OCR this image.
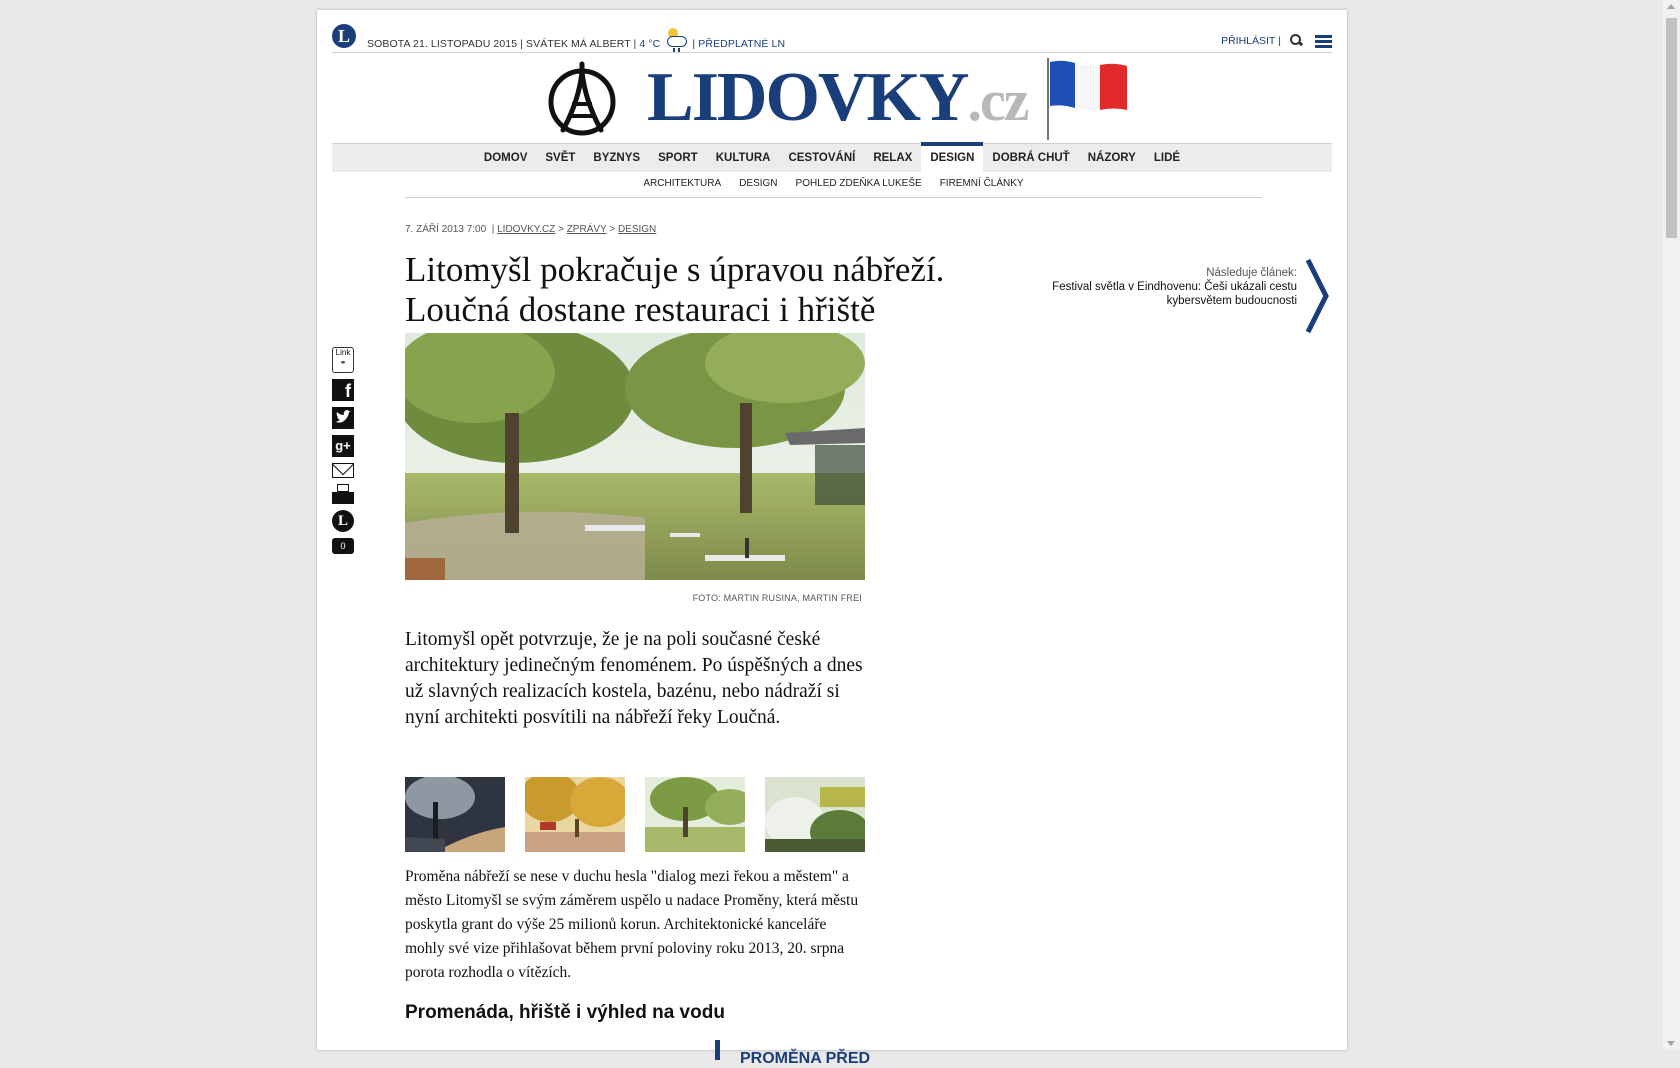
L	SOBOTA 21. LISTOPADU 2015 | SVÁTEK MÁ ALBERT | 4 °C	| PŘEDPLATNÉ LN	PŘIHLÁSIT |
LIDOVKY.cz
DOMOV	SVĚT	BYZNYS	SPORT	KULTURA	CESTOVÁNÍ	RELAX	DESIGN	DOBRÁ CHUŤ	NÁZORY	LIDÉ
ARCHITEKTURA	DESIGN	POHLED ZDEŇKA LUKEŠE	FIREMNÍ ČLÁNKY
7. ZÁŘÍ 2013 7:00  | LIDOVKY.CZ > ZPRÁVY > DESIGN
Litomyšl pokračuje s úpravou nábřeží. Loučná dostane restauraci i hřiště
Následuje článek:
Festival světla v Eindhovenu: Češi ukázali cestu kybersvětem budoucnosti
Link
⚭
f
g+
L
0
FOTO: MARTIN RUSINA, MARTIN FREI

Litomyšl opět potvrzuje, že je na poli současné české architektury jedinečným fenoménem. Po úspěšných a dnes už slavných realizacích kostela, bazénu, nebo nádraží si nyní architekti posvítili na nábřeží řeky Loučná.

Proměna nábřeží se nese v duchu hesla "dialog mezi řekou a městem" a město Litomyšl se svým záměrem uspělo u nadace Proměny, která městu poskytla grant do výše 25 milionů korun. Architektonické kanceláře mohly své vize přihlašovat během první poloviny roku 2013, 20. srpna porota rozhodla o vítězích.

Promenáda, hřiště i výhled na vodu
PROMĚNA PŘED
